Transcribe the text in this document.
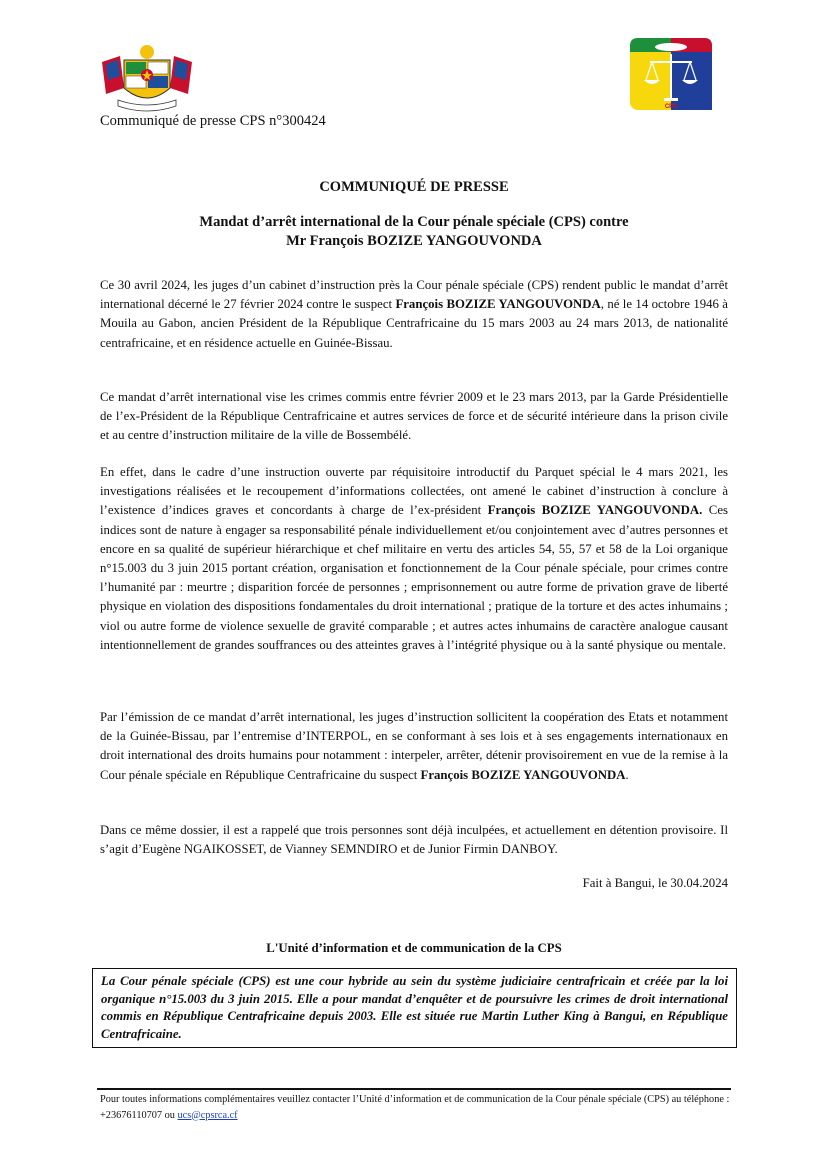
CPS
Communiqué de presse CPS n°300424
COMMUNIQUÉ DE PRESSE
Mandat d’arrêt international de la Cour pénale spéciale (CPS) contre
Mr François BOZIZE YANGOUVONDA
Ce 30 avril 2024, les juges d’un cabinet d’instruction près la Cour pénale spéciale (CPS) rendent public le mandat d’arrêt international décerné le 27 février 2024 contre le suspect François BOZIZE YANGOUVONDA, né le 14 octobre 1946 à Mouila au Gabon, ancien Président de la République Centrafricaine du 15 mars 2003 au 24 mars 2013, de nationalité centrafricaine, et en résidence actuelle en Guinée-Bissau.
Ce mandat d’arrêt international vise les crimes commis entre février 2009 et le 23 mars 2013, par la Garde Présidentielle de l’ex-Président de la République Centrafricaine et autres services de force et de sécurité intérieure dans la prison civile et au centre d’instruction militaire de la ville de Bossembélé.
En effet, dans le cadre d’une instruction ouverte par réquisitoire introductif du Parquet spécial le 4 mars 2021, les investigations réalisées et le recoupement d’informations collectées, ont amené le cabinet d’instruction à conclure à l’existence d’indices graves et concordants à charge de l’ex-président François BOZIZE YANGOUVONDA. Ces indices sont de nature à engager sa responsabilité pénale individuellement et/ou conjointement avec d’autres personnes et encore en sa qualité de supérieur hiérarchique et chef militaire en vertu des articles 54, 55, 57 et 58 de la Loi organique n°15.003 du 3 juin 2015 portant création, organisation et fonctionnement de la Cour pénale spéciale, pour crimes contre l’humanité par : meurtre ; disparition forcée de personnes ; emprisonnement ou autre forme de privation grave de liberté physique en violation des dispositions fondamentales du droit international ; pratique de la torture et des actes inhumains ; viol ou autre forme de violence sexuelle de gravité comparable ; et autres actes inhumains de caractère analogue causant intentionnellement de grandes souffrances ou des atteintes graves à l’intégrité physique ou à la santé physique ou mentale.
Par l’émission de ce mandat d’arrêt international, les juges d’instruction sollicitent la coopération des Etats et notamment de la Guinée-Bissau, par l’entremise d’INTERPOL, en se conformant à ses lois et à ses engagements internationaux en droit international des droits humains pour notamment : interpeler, arrêter, détenir provisoirement en vue de la remise à la Cour pénale spéciale en République Centrafricaine du suspect François BOZIZE YANGOUVONDA.
Dans ce même dossier, il est a rappelé que trois personnes sont déjà inculpées, et actuellement en détention provisoire. Il s’agit d’Eugène NGAIKOSSET, de Vianney SEMNDIRO et de Junior Firmin DANBOY.
Fait à Bangui, le 30.04.2024
L'Unité d’information et de communication de la CPS
La Cour pénale spéciale (CPS) est une cour hybride au sein du système judiciaire centrafricain et créée par la loi organique n°15.003 du 3 juin 2015. Elle a pour mandat d’enquêter et de poursuivre les crimes de droit international commis en République Centrafricaine depuis 2003. Elle est située rue Martin Luther King à Bangui, en République Centrafricaine.
Pour toutes informations complémentaires veuillez contacter l’Unité d’information et de communication de la Cour pénale spéciale (CPS) au téléphone : +23676110707 ou ucs@cpsrca.cf
